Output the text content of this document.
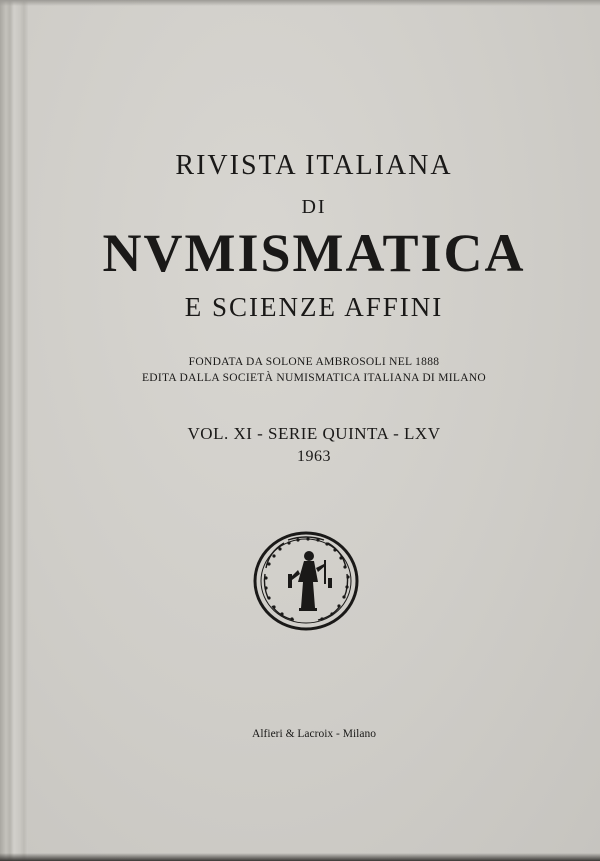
RIVISTA ITALIANA
DI
NVMISMATICA
E SCIENZE AFFINI
FONDATA DA SOLONE AMBROSOLI NEL 1888
EDITA DALLA SOCIETÀ NUMISMATICA ITALIANA DI MILANO
VOL. XI - SERIE QUINTA - LXV
1963
Alfieri & Lacroix - Milano
